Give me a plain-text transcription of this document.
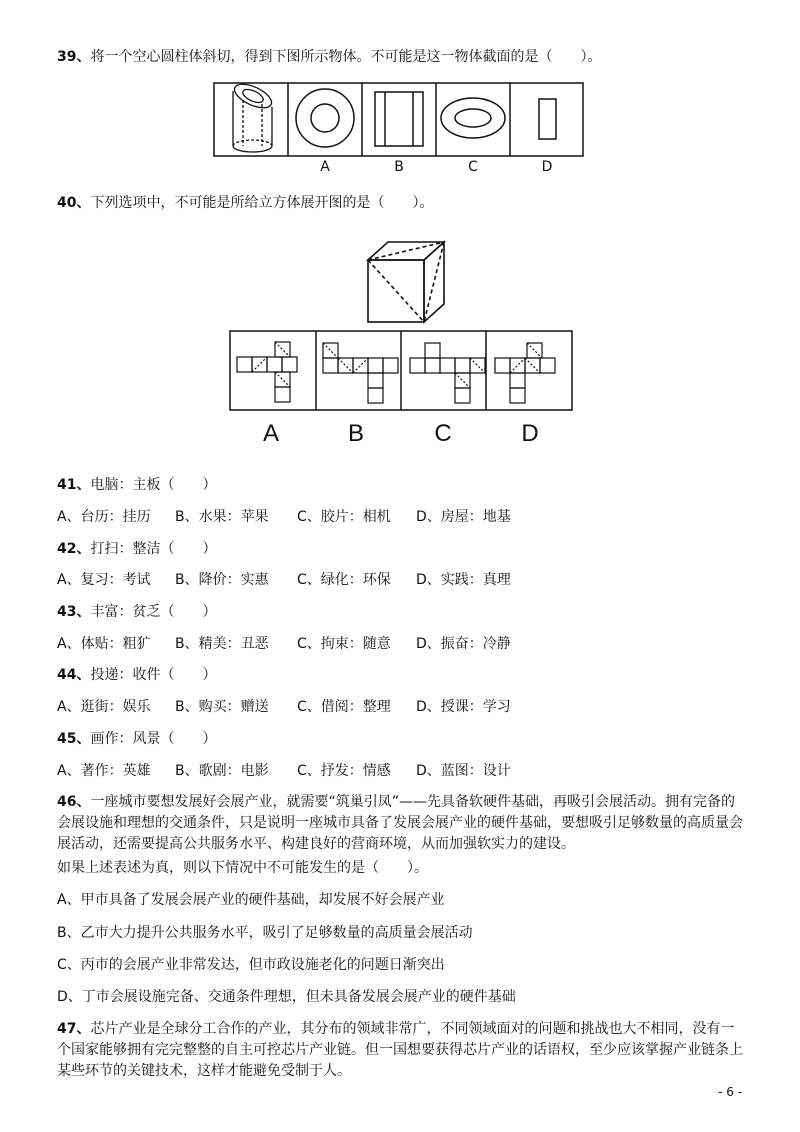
39、将一个空心圆柱体斜切，得到下图所示物体。不可能是这一物体截面的是（　　）。
A	B	C	D
40、下列选项中，不可能是所给立方体展开图的是（　　）。
A	B	C	D
41、电脑：主板（　　）
A、台历：挂历 B、水果：苹果 C、胶片：相机 D、房屋：地基
42、打扫：整洁（　　）
A、复习：考试 B、降价：实惠 C、绿化：环保 D、实践：真理
43、丰富：贫乏（　　）
A、体贴：粗犷 B、精美：丑恶 C、拘束：随意 D、振奋：冷静
44、投递：收件（　　）
A、逛街：娱乐 B、购买：赠送 C、借阅：整理 D、授课：学习
45、画作：风景（　　）
A、著作：英雄 B、歌剧：电影 C、抒发：情感 D、蓝图：设计
46、一座城市要想发展好会展产业，就需要“筑巢引凤”——先具备软硬件基础，再吸引会展活动。拥有完备的会展设施和理想的交通条件，只是说明一座城市具备了发展会展产业的硬件基础，要想吸引足够数量的高质量会展活动，还需要提高公共服务水平、构建良好的营商环境，从而加强软实力的建设。
如果上述表述为真，则以下情况中不可能发生的是（　　）。
A、甲市具备了发展会展产业的硬件基础，却发展不好会展产业
B、乙市大力提升公共服务水平，吸引了足够数量的高质量会展活动
C、丙市的会展产业非常发达，但市政设施老化的问题日渐突出
D、丁市会展设施完备、交通条件理想，但未具备发展会展产业的硬件基础
47、芯片产业是全球分工合作的产业，其分布的领域非常广，不同领域面对的问题和挑战也大不相同，没有一个国家能够拥有完完整整的自主可控芯片产业链。但一国想要获得芯片产业的话语权，至少应该掌握产业链条上某些环节的关键技术，这样才能避免受制于人。
- 6 -
